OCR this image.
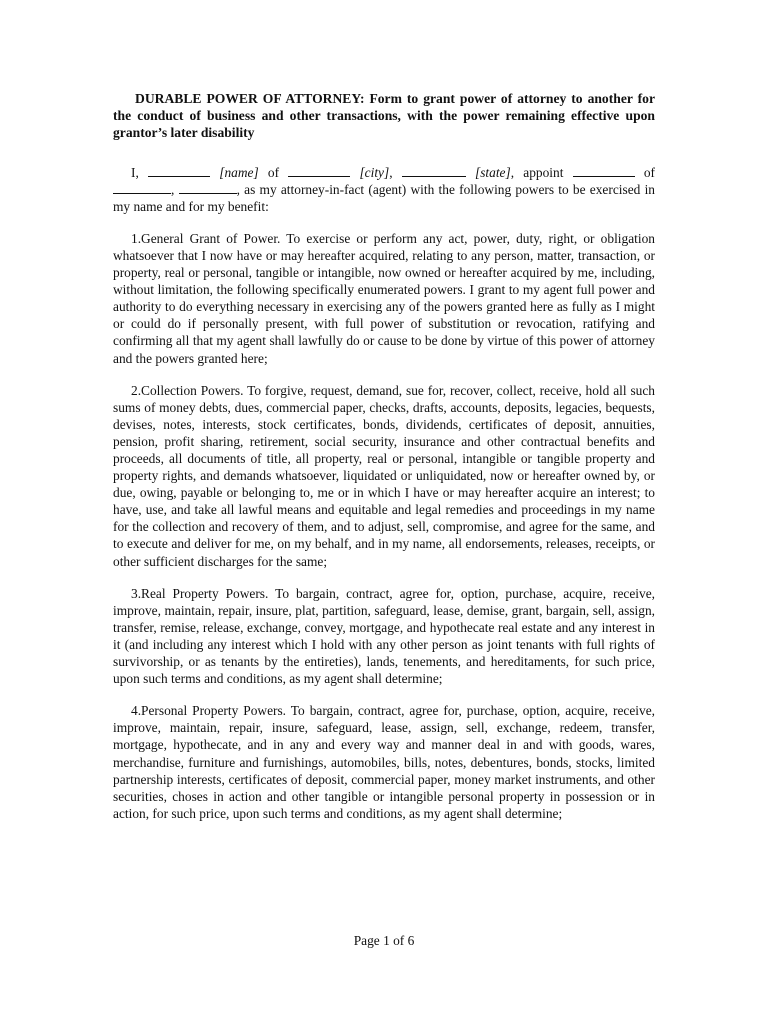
DURABLE POWER OF ATTORNEY: Form to grant power of attorney to another for the conduct of business and other transactions, with the power remaining effective upon grantor’s later disability

I,	[name] of	[city],	[state], appoint	of ,	, as my attorney-in-fact (agent) with the following powers to be exercised in my name and for my benefit:

1.General Grant of Power. To exercise or perform any act, power, duty, right, or obligation whatsoever that I now have or may hereafter acquired, relating to any person, matter, transaction, or property, real or personal, tangible or intangible, now owned or hereafter acquired by me, including, without limitation, the following specifically enumerated powers. I grant to my agent full power and authority to do everything necessary in exercising any of the powers granted here as fully as I might or could do if personally present, with full power of substitution or revocation, ratifying and confirming all that my agent shall lawfully do or cause to be done by virtue of this power of attorney and the powers granted here;

2.Collection Powers. To forgive, request, demand, sue for, recover, collect, receive, hold all such sums of money debts, dues, commercial paper, checks, drafts, accounts, deposits, legacies, bequests, devises, notes, interests, stock certificates, bonds, dividends, certificates of deposit, annuities, pension, profit sharing, retirement, social security, insurance and other contractual benefits and proceeds, all documents of title, all property, real or personal, intangible or tangible property and property rights, and demands whatsoever, liquidated or unliquidated, now or hereafter owned by, or due, owing, payable or belonging to, me or in which I have or may hereafter acquire an interest; to have, use, and take all lawful means and equitable and legal remedies and proceedings in my name for the collection and recovery of them, and to adjust, sell, compromise, and agree for the same, and to execute and deliver for me, on my behalf, and in my name, all endorsements, releases, receipts, or other sufficient discharges for the same;

3.Real Property Powers. To bargain, contract, agree for, option, purchase, acquire, receive, improve, maintain, repair, insure, plat, partition, safeguard, lease, demise, grant, bargain, sell, assign, transfer, remise, release, exchange, convey, mortgage, and hypothecate real estate and any interest in it (and including any interest which I hold with any other person as joint tenants with full rights of survivorship, or as tenants by the entireties), lands, tenements, and hereditaments, for such price, upon such terms and conditions, as my agent shall determine;

4.Personal Property Powers. To bargain, contract, agree for, purchase, option, acquire, receive, improve, maintain, repair, insure, safeguard, lease, assign, sell, exchange, redeem, transfer, mortgage, hypothecate, and in any and every way and manner deal in and with goods, wares, merchandise, furniture and furnishings, automobiles, bills, notes, debentures, bonds, stocks, limited partnership interests, certificates of deposit, commercial paper, money market instruments, and other securities, choses in action and other tangible or intangible personal property in possession or in action, for such price, upon such terms and conditions, as my agent shall determine;

Page 1 of 6
